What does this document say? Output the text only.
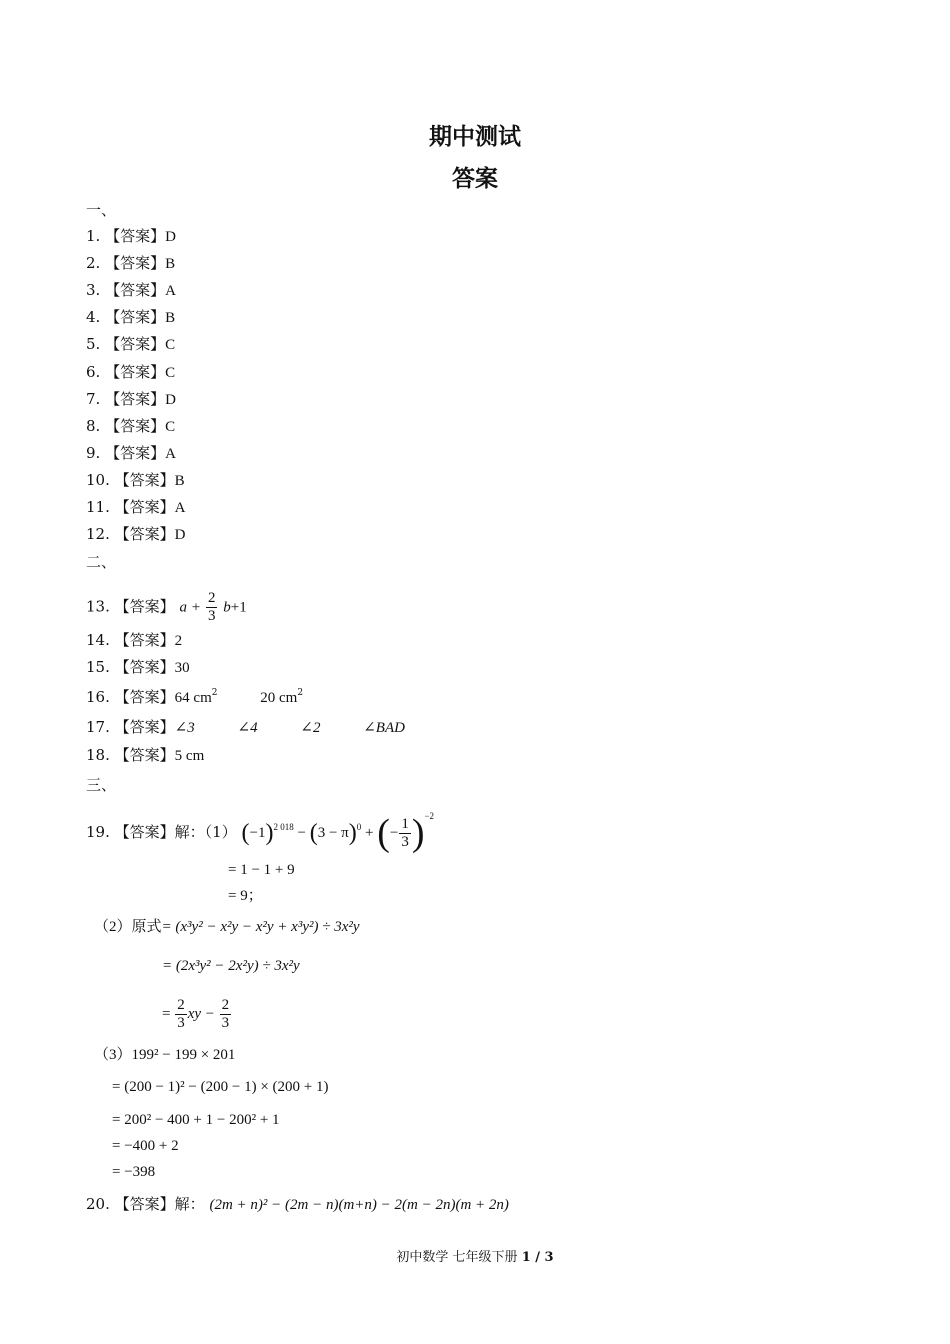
期中测试
答案
一、
1. 【答案】D
2. 【答案】B
3. 【答案】A
4. 【答案】B
5. 【答案】C
6. 【答案】C
7. 【答案】D
8. 【答案】C
9. 【答案】A
10. 【答案】B
11. 【答案】A
12. 【答案】D
二、
13. 【答案】 $a + \frac{2}{3} b+1$
14. 【答案】2
15. 【答案】30
16. 【答案】64 $cm^2$	20 $cm^2$
17. 【答案】∠3	∠4	∠2	∠BAD
18. 【答案】5 cm
三、
19. 【答案】解：（1） $(-1)^{2 018} - (3 - \pi)^0$ + (− $\frac{1}{3} )^{-2}$
= 1 − 1 + 9
= 9；
（2）原式= (x³y² − x²y − x²y + x³y²) ÷ 3x²y
= (2x³y² − 2x²y) ÷ 3x²y
= $\frac{2}{3}$ xy − $\frac{2}{3}$
（3）199² − 199 × 201
= (200 − 1)² − (200 − 1) × (200 + 1)
= 200² − 400 + 1 − 200² + 1
= −400 + 2
= −398
20. 【答案】解： (2m + n)² − (2m − n)(m+n) − 2(m − 2n)(m + 2n)
初中数学 七年级下册 1 / 3
